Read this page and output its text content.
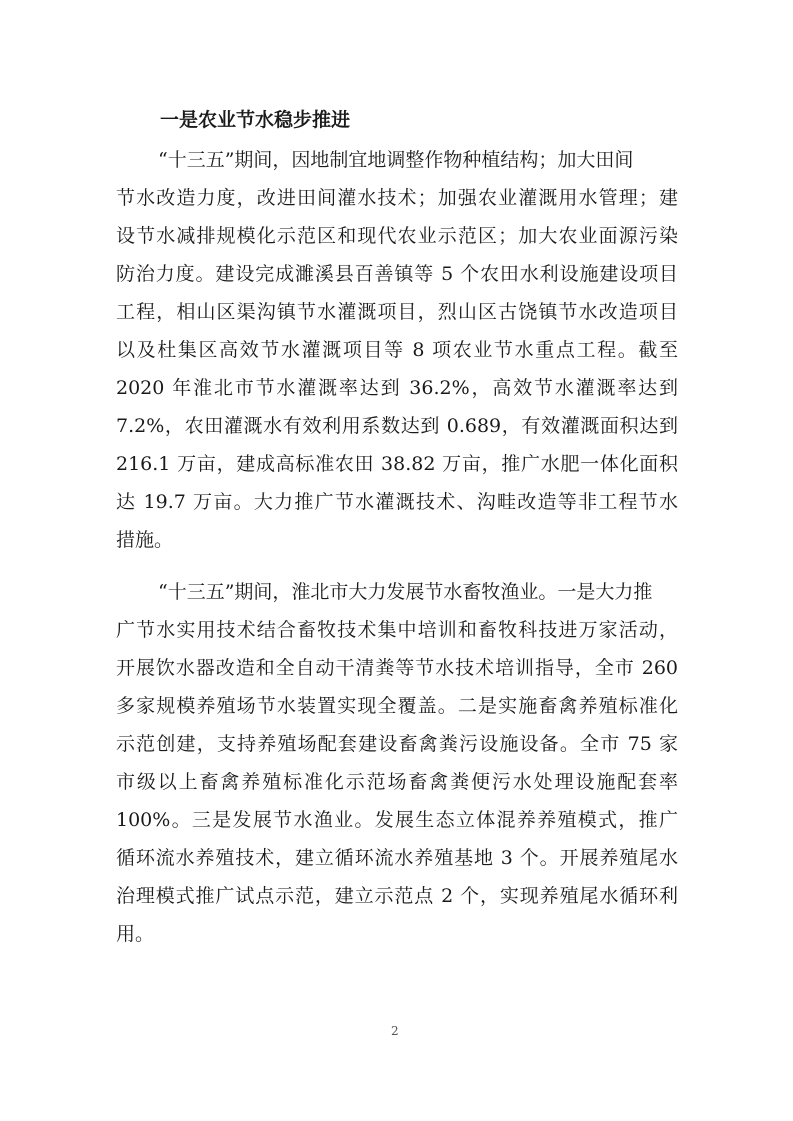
一是农业节水稳步推进
“十三五”期间，因地制宜地调整作物种植结构；加大田间
节水改造力度，改进田间灌水技术；加强农业灌溉用水管理；建
设节水减排规模化示范区和现代农业示范区；加大农业面源污染
防治力度。建设完成濉溪县百善镇等 5 个农田水利设施建设项目
工程，相山区渠沟镇节水灌溉项目，烈山区古饶镇节水改造项目
以及杜集区高效节水灌溉项目等 8 项农业节水重点工程。截至
2020 年淮北市节水灌溉率达到 36.2%，高效节水灌溉率达到
7.2%，农田灌溉水有效利用系数达到 0.689，有效灌溉面积达到
216.1 万亩，建成高标准农田 38.82 万亩，推广水肥一体化面积
达 19.7 万亩。大力推广节水灌溉技术、沟畦改造等非工程节水
措施。
“十三五”期间，淮北市大力发展节水畜牧渔业。一是大力推
广节水实用技术结合畜牧技术集中培训和畜牧科技进万家活动，
开展饮水器改造和全自动干清粪等节水技术培训指导，全市 260
多家规模养殖场节水装置实现全覆盖。二是实施畜禽养殖标准化
示范创建，支持养殖场配套建设畜禽粪污设施设备。全市 75 家
市级以上畜禽养殖标准化示范场畜禽粪便污水处理设施配套率
100%。三是发展节水渔业。发展生态立体混养养殖模式，推广
循环流水养殖技术，建立循环流水养殖基地 3 个。开展养殖尾水
治理模式推广试点示范，建立示范点 2 个，实现养殖尾水循环利
用。
2
